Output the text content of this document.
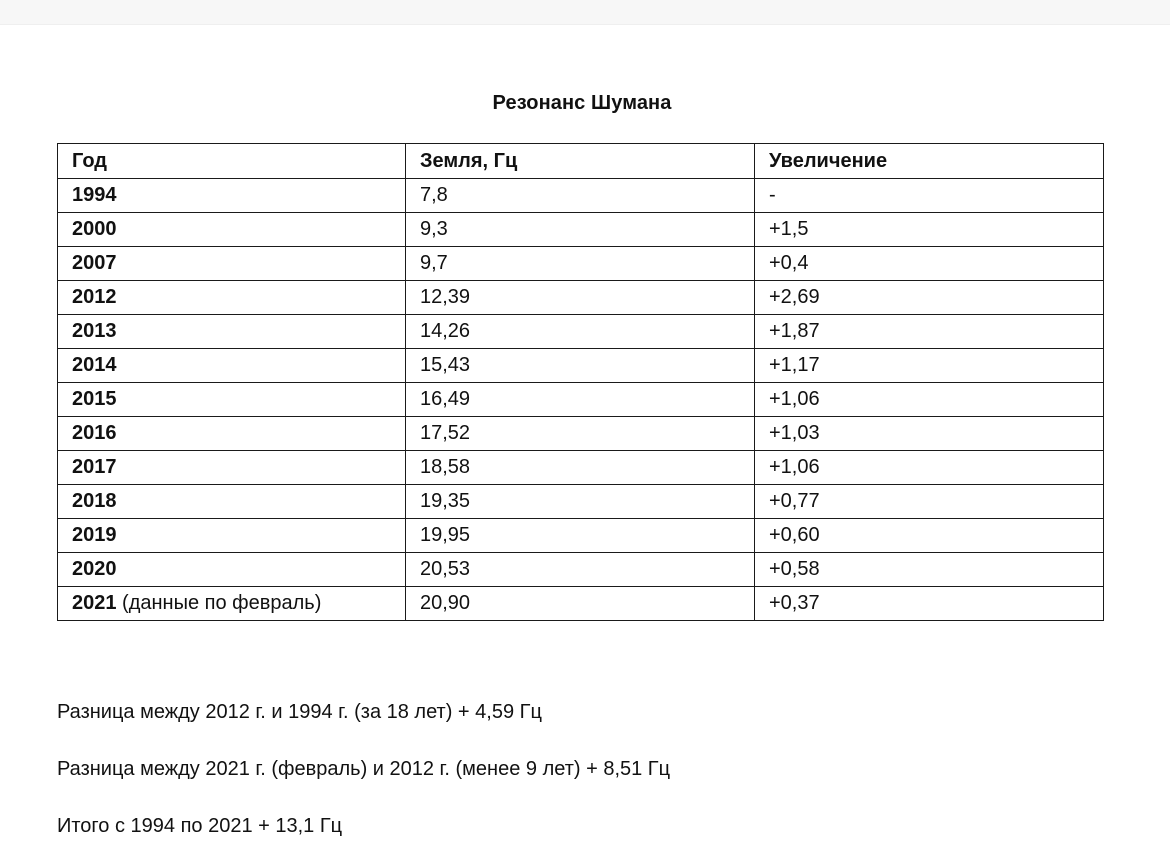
Резонанс Шумана
Год	Земля, Гц	Увеличение
1994	7,8	-
2000	9,3	+1,5
2007	9,7	+0,4
2012	12,39	+2,69
2013	14,26	+1,87
2014	15,43	+1,17
2015	16,49	+1,06
2016	17,52	+1,03
2017	18,58	+1,06
2018	19,35	+0,77
2019	19,95	+0,60
2020	20,53	+0,58
2021 (данные по февраль)	20,90	+0,37
Разница между 2012 г. и 1994 г. (за 18 лет) + 4,59 Гц
Разница между 2021 г. (февраль) и 2012 г. (менее 9 лет) + 8,51 Гц
Итого с 1994 по 2021 + 13,1 Гц
